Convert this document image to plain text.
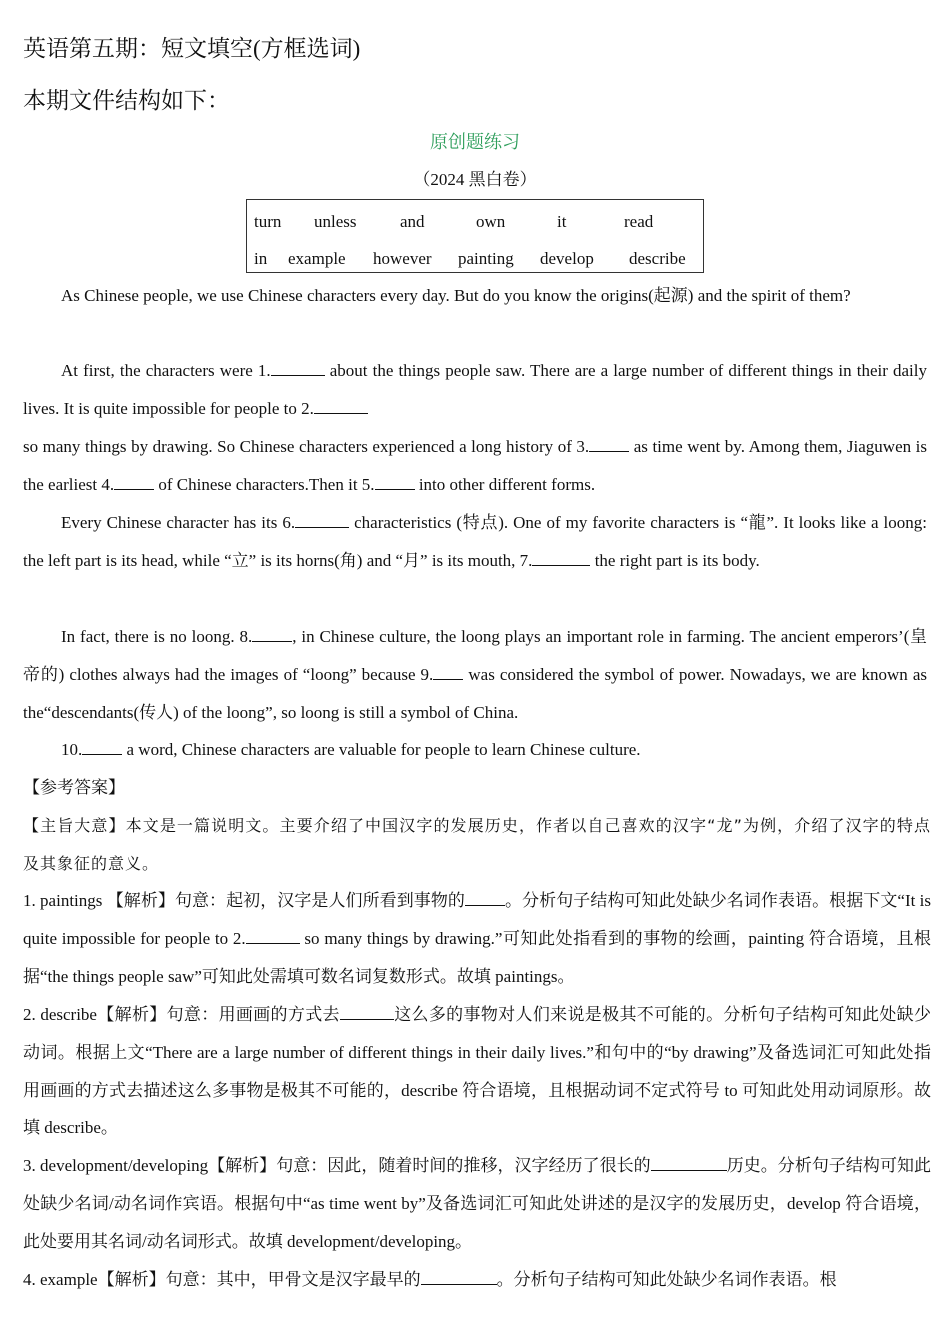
英语第五期：短文填空(方框选词)
本期文件结构如下：
原创题练习
（2024 黑白卷）
turn unless	and	own	it	read
in example however painting develop describe

As Chinese people, we use Chinese characters every day. But do you know the origins(起源) and the spirit of them?

At first, the characters were 1.	about the things people saw. There are a large number of different things in their daily lives. It is quite impossible for people to 2.

so many things by drawing. So Chinese characters experienced a long history of 3. as time went by. Among them, Jiaguwen is the earliest 4. of Chinese characters.Then it 5. into other different forms.

Every Chinese character has its 6.	characteristics (特点). One of my favorite characters is “龍”. It looks like a loong: the left part is its head, while “立” is its horns(角) and “月” is its mouth, 7.	the right part is its body.

In fact, there is no loong. 8. , in Chinese culture, the loong plays an important role in farming. The ancient emperors’(皇帝的) clothes always had the images of “loong” because 9. was considered the symbol of power. Nowadays, we are known as the“descendants(传人) of the loong”, so loong is still a symbol of China.

10. a word, Chinese characters are valuable for people to learn Chinese culture.

【参考答案】

【主旨大意】本文是一篇说明文。主要介绍了中国汉字的发展历史，作者以自己喜欢的汉字“龙”为例，介绍了汉字的特点及其象征的意义。

1. paintings 【解析】句意：起初，汉字是人们所看到事物的 。分析句子结构可知此处缺少名词作表语。根据下文“It is quite impossible for people to 2.	so many things by drawing.”可知此处指看到的事物的绘画，painting 符合语境，且根据“the things people saw”可知此处需填可数名词复数形式。故填 paintings。

2. describe【解析】句意：用画画的方式去	这么多的事物对人们来说是极其不可能的。分析句子结构可知此处缺少动词。根据上文“There are a large number of different things in their daily lives.”和句中的“by drawing”及备选词汇可知此处指用画画的方式去描述这么多事物是极其不可能的，describe 符合语境，且根据动词不定式符号 to 可知此处用动词原形。故填 describe。

3. development/developing【解析】句意：因此，随着时间的推移，汉字经历了很长的	历史。分析句子结构可知此处缺少名词/动名词作宾语。根据句中“as time went by”及备选词汇可知此处讲述的是汉字的发展历史，develop 符合语境，此处要用其名词/动名词形式。故填 development/developing。

4. example【解析】句意：其中，甲骨文是汉字最早的	。分析句子结构可知此处缺少名词作表语。根
